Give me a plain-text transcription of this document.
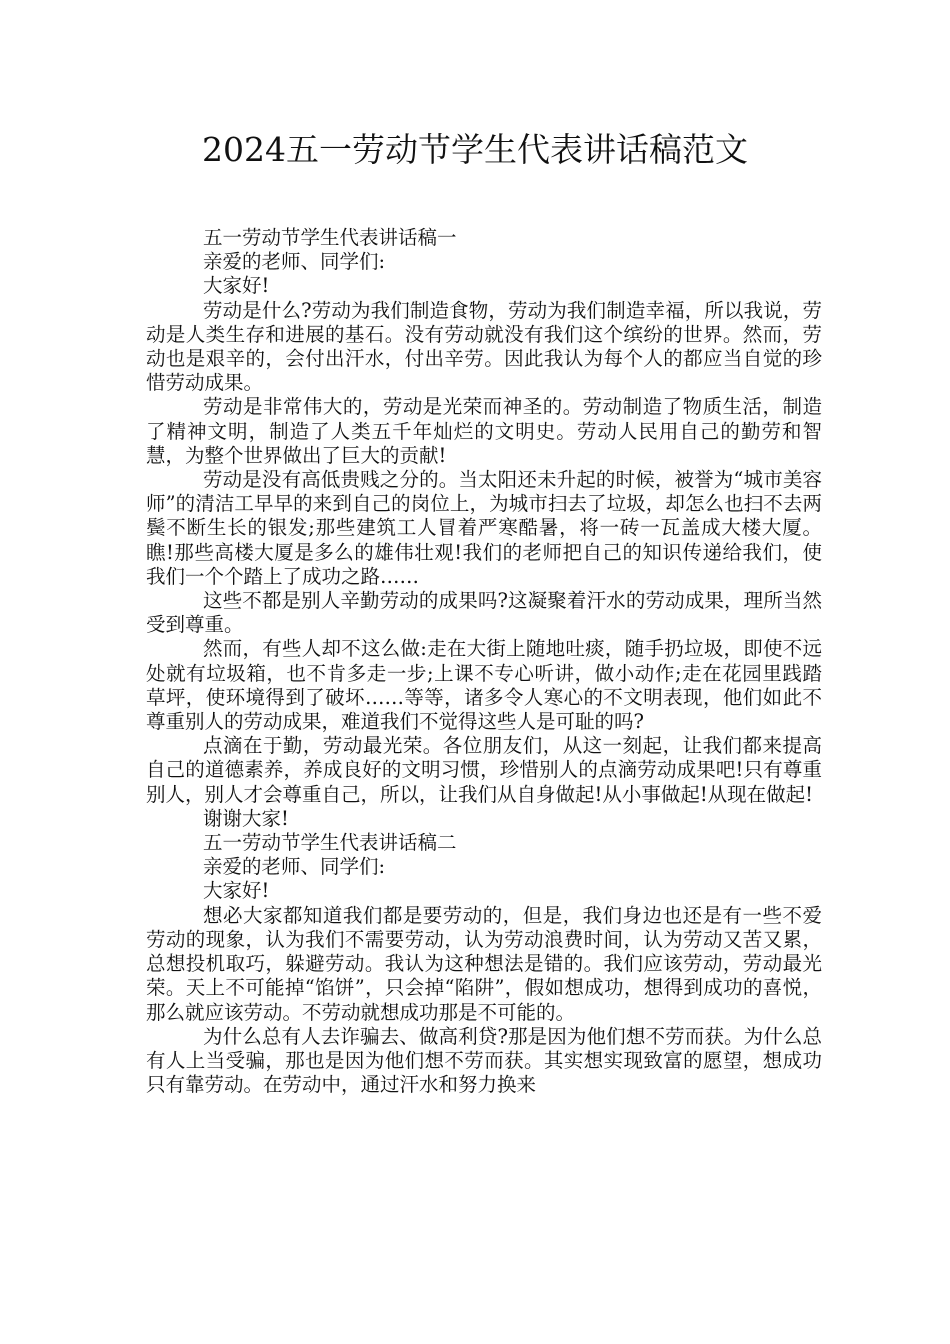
2024五一劳动节学生代表讲话稿范文

五一劳动节学生代表讲话稿一

亲爱的老师、同学们:

大家好!

劳动是什么?劳动为我们制造食物，劳动为我们制造幸福，所以我说，劳动是人类生存和进展的基石。没有劳动就没有我们这个缤纷的世界。然而，劳动也是艰辛的，会付出汗水，付出辛劳。因此我认为每个人的都应当自觉的珍惜劳动成果。

劳动是非常伟大的，劳动是光荣而神圣的。劳动制造了物质生活，制造了精神文明，制造了人类五千年灿烂的文明史。劳动人民用自己的勤劳和智慧，为整个世界做出了巨大的贡献!

劳动是没有高低贵贱之分的。当太阳还未升起的时候，被誉为“城市美容师”的清洁工早早的来到自己的岗位上，为城市扫去了垃圾，却怎么也扫不去两鬓不断生长的银发;那些建筑工人冒着严寒酷暑，将一砖一瓦盖成大楼大厦。瞧!那些高楼大厦是多么的雄伟壮观!我们的老师把自己的知识传递给我们，使我们一个个踏上了成功之路……

这些不都是别人辛勤劳动的成果吗?这凝聚着汗水的劳动成果，理所当然受到尊重。

然而，有些人却不这么做:走在大街上随地吐痰，随手扔垃圾，即使不远处就有垃圾箱，也不肯多走一步;上课不专心听讲，做小动作;走在花园里践踏草坪，使环境得到了破坏……等等，诸多令人寒心的不文明表现，他们如此不尊重别人的劳动成果，难道我们不觉得这些人是可耻的吗?

点滴在于勤，劳动最光荣。各位朋友们，从这一刻起，让我们都来提高自己的道德素养，养成良好的文明习惯，珍惜别人的点滴劳动成果吧!只有尊重别人，别人才会尊重自己，所以，让我们从自身做起!从小事做起!从现在做起!

谢谢大家!

五一劳动节学生代表讲话稿二

亲爱的老师、同学们:

大家好!

想必大家都知道我们都是要劳动的，但是，我们身边也还是有一些不爱劳动的现象，认为我们不需要劳动，认为劳动浪费时间，认为劳动又苦又累，总想投机取巧，躲避劳动。我认为这种想法是错的。我们应该劳动，劳动最光荣。天上不可能掉“馅饼”，只会掉“陷阱”，假如想成功，想得到成功的喜悦，那么就应该劳动。不劳动就想成功那是不可能的。

为什么总有人去诈骗去、做高利贷?那是因为他们想不劳而获。为什么总有人上当受骗，那也是因为他们想不劳而获。其实想实现致富的愿望，想成功只有靠劳动。在劳动中，通过汗水和努力换来
